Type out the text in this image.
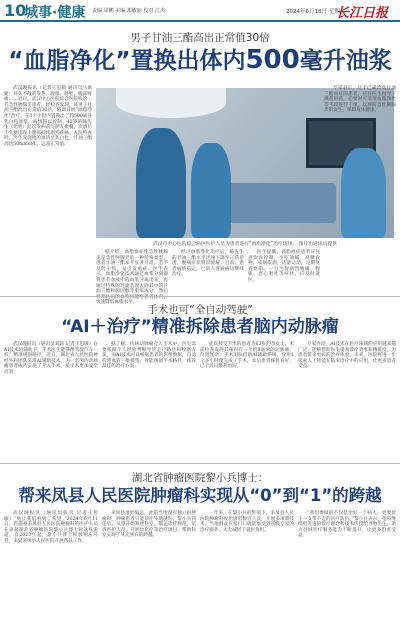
10
城事·健康 责编 周鹏 美编 郑敏丽 校对 江杰	2024年6月18日 星期二
长江日报
男子甘油三酯高出正常值30倍
“血脂净化”置换出体内500毫升油浆

武汉晚报讯（记者王思敏 通讯员马渝婕）持久不散的发热、腹胀、肠腔、腹部疼痛……近日，武汉中心医院综合医院收治一名急性胰腺炎患者，经检查发现，该男子甘油三酯高出正常值30倍，随即开展“血脂净化”治疗，在3个小时内置换出了约500毫升乳白色油浆，病情得以控制。42岁的陈先生（化姓）此次发病前与朋友聚餐，饮酒后不久便出现上腹部持续剧烈疼痛。入院检查时，医生发现他的血清呈乳白色，甘油三酯高达50mmol/L，远超正常值。

武汉市中心医院综合病区医护人员为患者进行“血脂净化”治疗现场。 图片由通讯员提供

据介绍，高脂血症性急性胰腺炎是急性胰腺炎的一种特殊类型，患者甘油三酯水平显著升高，若不及时干预，易引发重症。医生表示，血脂净化技术通过血浆分离器将患者血液中的血浆分离出来，再通过特殊的过滤装置去除其中的甘油三酯和胆固醇等脂质成分，然后将净化后的血浆回输至患者体内，快速降低血脂水平。

经过血脂净化治疗后，陈先生的甘油三酯水平迅速下降至正常范围，腹痛症状明显缓解。目前，患者病情稳定，已转入普通病房继续治疗。

医生提醒，高脂血症患者应注意饮食控制，少吃油腻、高糖食物，戒烟限酒，适量运动，定期复查血脂。一旦出现剧烈腹痛、腹胀、恶心呕吐等症状，应及时就医。

专家表示，对于已确诊高甘油三酯血症的患者，应在医生指导下规范用药，必要时可采用血脂净化等手段进行干预，以预防急性胰腺炎的发生，保障身体健康。

手术也可“全自动驾驶”
“AI＋治疗”精准拆除患者脑内动脉瘤

武汉晚报讯（通讯员刘锦 记者王思敏）在AI技术的辅助下，手术医生能够像驾驶汽车一样，精准规划路径。近日，湖北省人民医院神经外科团队采用AI辅助技术，为一名颅内动脉瘤患者成功实施了介入手术，使手术更加安全高效。

据了解，传统动脉瘤介入手术中，医生需要根据个人经验判断导管走行路径和栓塞方案，而AI技术可以根据患者的影像数据，自动构建血管三维模型，智能规划手术路径，推荐最佳的治疗方案。

此次接受手术的患者为62岁的李女士，术前检查发现其颅内有一个约8毫米的动脉瘤，位置复杂。手术团队借助AI辅助系统，仅用1个多小时便完成了手术，术后患者恢复良好，已于近日顺利出院。

专家介绍，AI技术在医疗领域的应用越来越广泛，能够帮助医生提高诊疗效率和精准度，为患者带来更好的治疗体验。未来，医院将进一步探索人工智能在临床诊疗中的应用，让更多患者受益。

湖北省肿瘤医院黎小兵博士：
帮来凤县人民医院肿瘤科实现从“0”到“1”的跨越

武汉晚报讯（通讯员张雪 记者王思敏）“他让我们看到了希望。”2024年6月11日，恩施州来凤县人民医院肿瘤科的医护人员在谈起湖北省肿瘤医院黎小兵博士时这样说道。自2023年起，黎小兵博士积极响应号召，来到来凤县人民医院开展帮扶工作。

来凤县地处偏远，此前当地没有独立的肿瘤科，肿瘤患者只能前往外地就医。黎小兵到任后，从零开始筹建科室，制定诊疗规范，培训医护人员，开展放化疗等治疗项目，帮助科室实现了从无到有的跨越。

一年来，在黎小兵的带领下，来凤县人民医院肿瘤科收治患者数百人次，开展多项新技术，当地群众在家门口就能享受到省级专家的诊疗服务，大大减轻了就医负担。

“我们要做的不仅是治好一个病人，更要留下一支带不走的医疗队伍。”黎小兵表示，他将继续把先进的诊疗理念和技术传授给当地医生，助力县域医疗服务能力不断提升，让更多患者受益。
